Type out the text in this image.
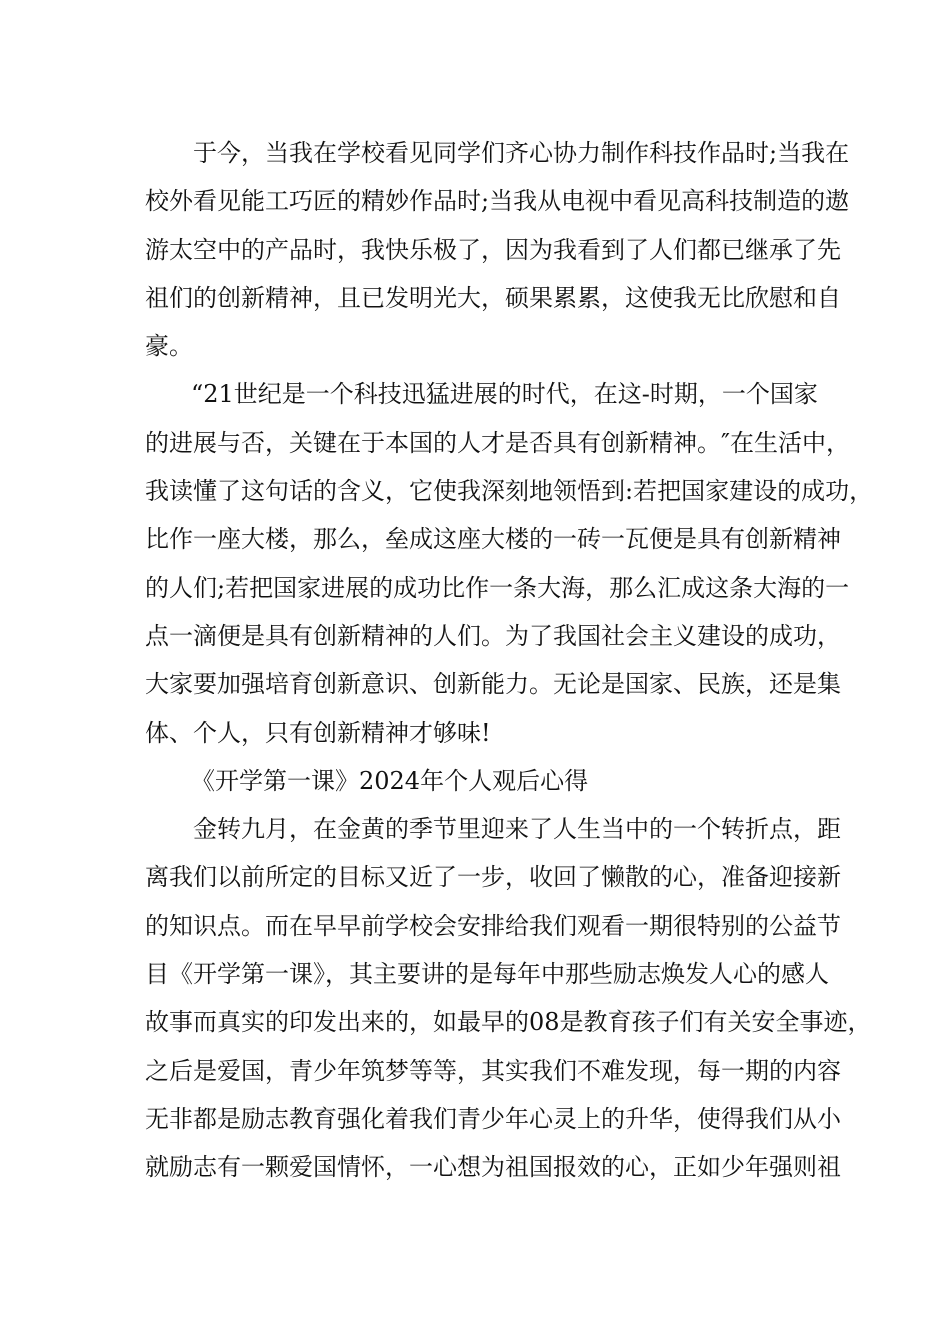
于今，当我在学校看见同学们齐心协力制作科技作品时;当我在
校外看见能工巧匠的精妙作品时;当我从电视中看见高科技制造的遨
游太空中的产品时，我快乐极了，因为我看到了人们都已继承了先
祖们的创新精神，且已发明光大，硕果累累，这使我无比欣慰和自
豪。
“21世纪是一个科技迅猛进展的时代，在这-时期，一个国家
的进展与否，关键在于本国的人才是否具有创新精神。″在生活中，
我读懂了这句话的含义，它使我深刻地领悟到:若把国家建设的成功，
比作一座大楼，那么，垒成这座大楼的一砖一瓦便是具有创新精神
的人们;若把国家进展的成功比作一条大海，那么汇成这条大海的一
点一滴便是具有创新精神的人们。为了我国社会主义建设的成功，
大家要加强培育创新意识、创新能力。无论是国家、民族，还是集
体、个人，只有创新精神才够味!
《开学第一课》2024年个人观后心得
金转九月，在金黄的季节里迎来了人生当中的一个转折点，距
离我们以前所定的目标又近了一步，收回了懒散的心，准备迎接新
的知识点。而在早早前学校会安排给我们观看一期很特别的公益节
目《开学第一课》，其主要讲的是每年中那些励志焕发人心的感人
故事而真实的印发出来的，如最早的08是教育孩子们有关安全事迹，
之后是爱国，青少年筑梦等等，其实我们不难发现，每一期的内容
无非都是励志教育强化着我们青少年心灵上的升华，使得我们从小
就励志有一颗爱国情怀，一心想为祖国报效的心，正如少年强则祖
